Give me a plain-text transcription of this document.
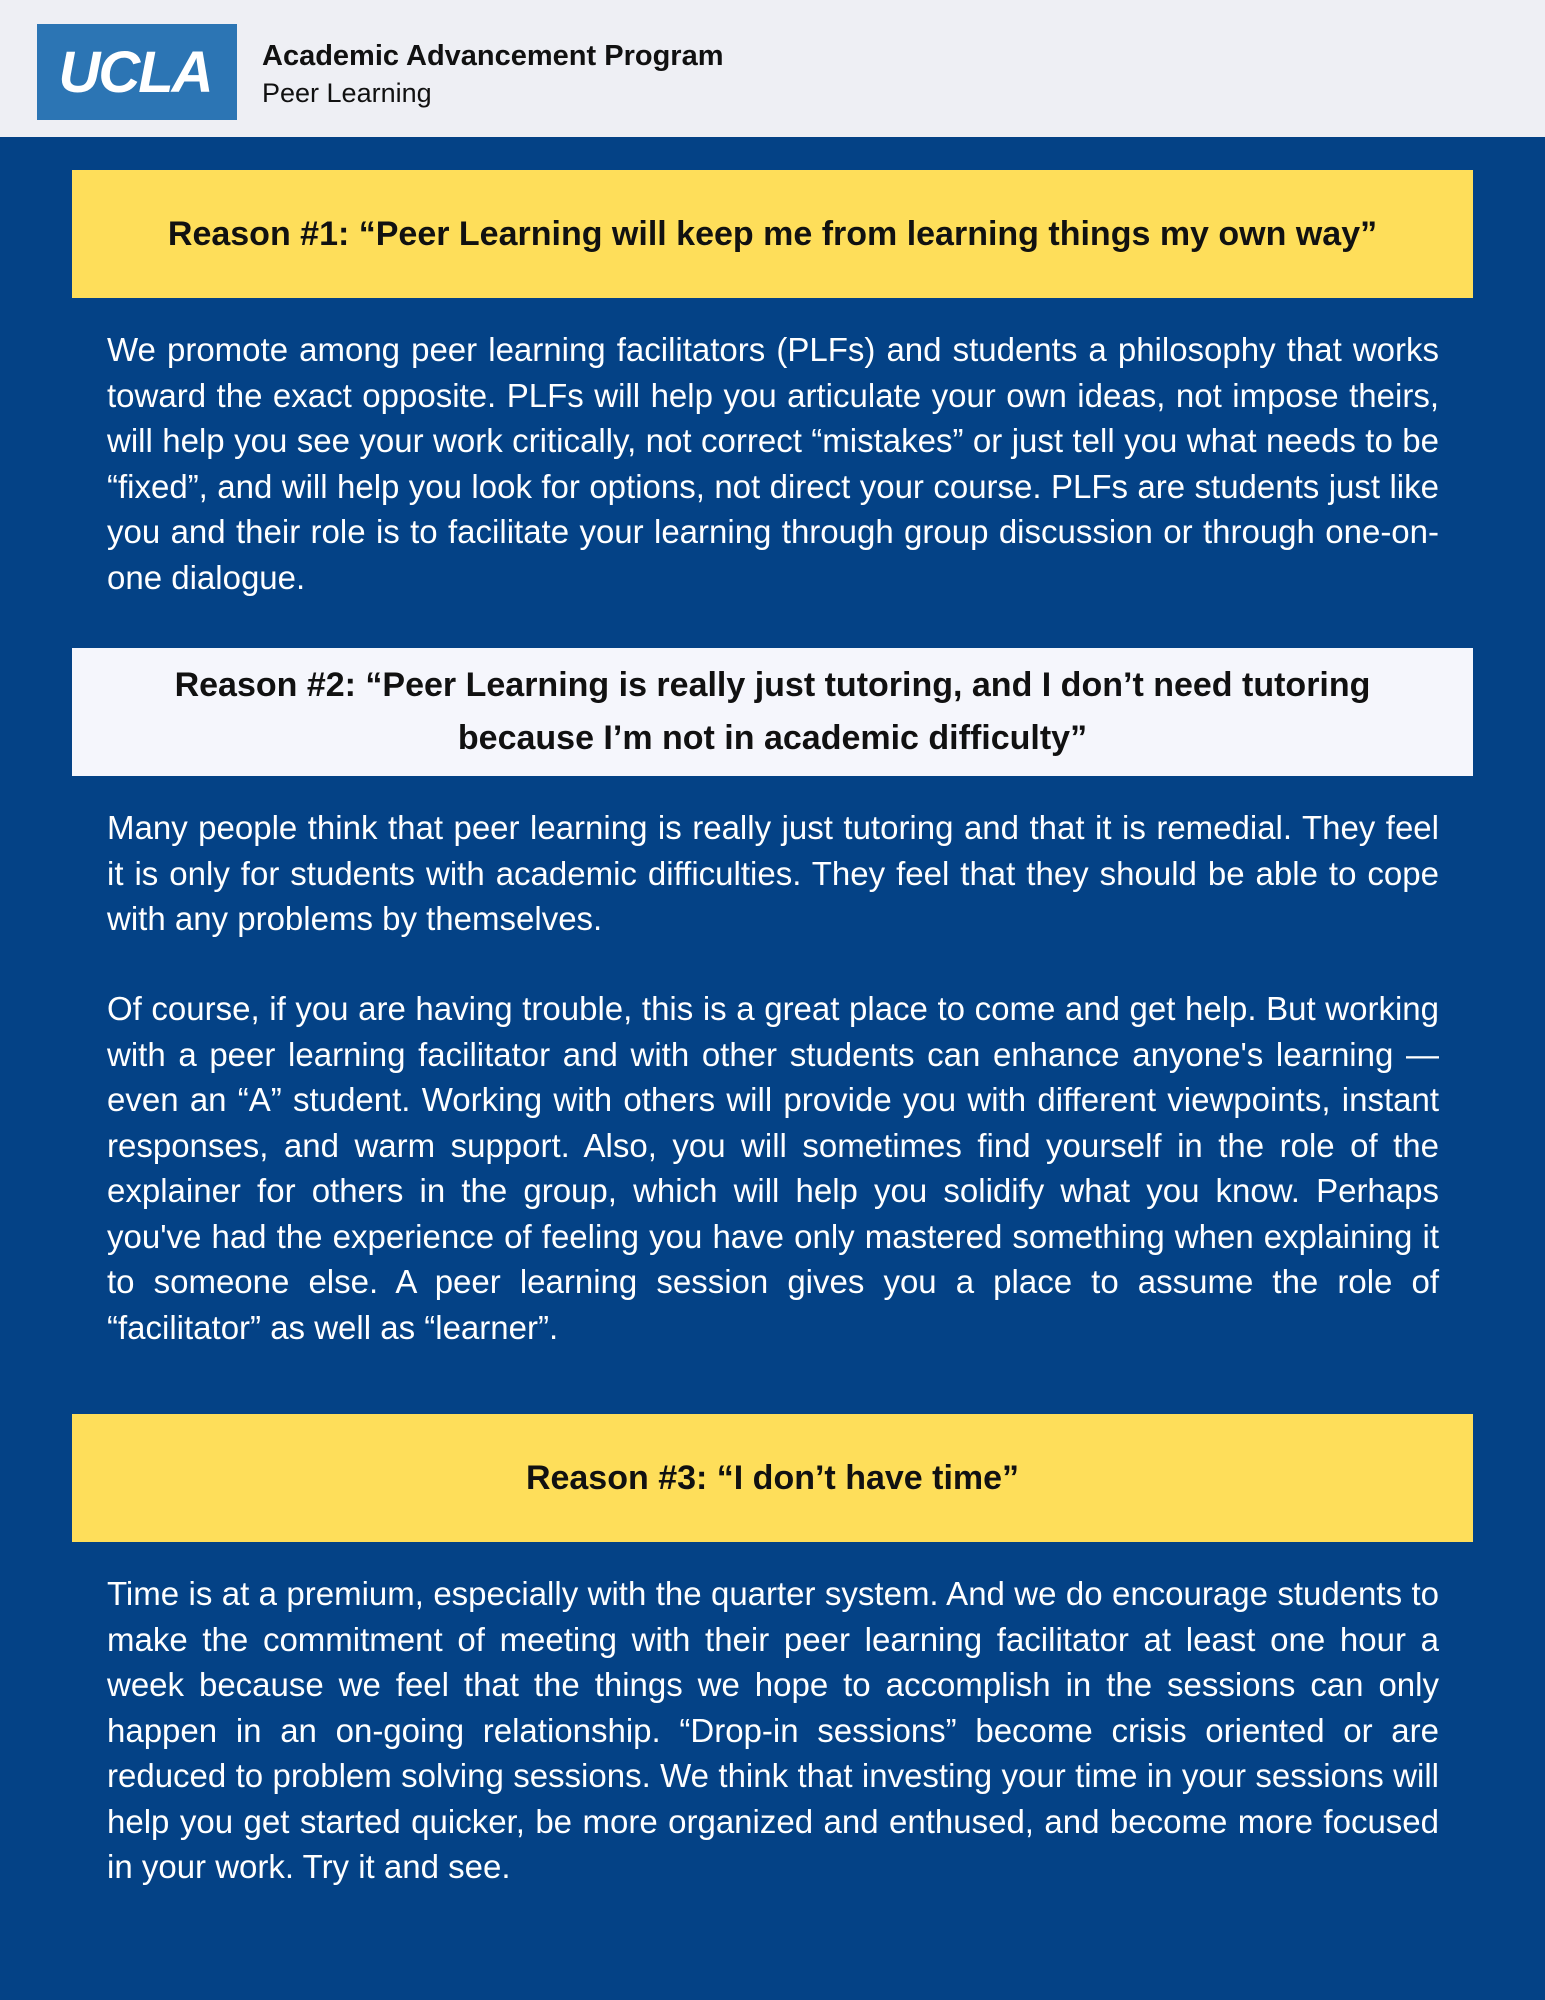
UCLA	Academic Advancement Program
Peer Learning
Reason #1: “Peer Learning will keep me from learning things my own way”

We promote among peer learning facilitators (PLFs) and students a philosophy that works toward the exact opposite. PLFs will help you articulate your own ideas, not impose theirs, will help you see your work critically, not correct “mistakes” or just tell you what needs to be “fixed”, and will help you look for options, not direct your course. PLFs are students just like you and their role is to facilitate your learning through group discussion or through one-on-one dialogue.

Reason #2: “Peer Learning is really just tutoring, and I don’t need tutoring because I’m not in academic difficulty”

Many people think that peer learning is really just tutoring and that it is remedial. They feel it is only for students with academic difficulties. They feel that they should be able to cope with any problems by themselves.

Of course, if you are having trouble, this is a great place to come and get help. But working with a peer learning facilitator and with other students can enhance anyone's learning — even an “A” student. Working with others will provide you with different viewpoints, instant responses, and warm support. Also, you will sometimes find yourself in the role of the explainer for others in the group, which will help you solidify what you know. Perhaps you've had the experience of feeling you have only mastered something when explaining it to someone else. A peer learning session gives you a place to assume the role of “facilitator” as well as “learner”.

Reason #3: “I don’t have time”

Time is at a premium, especially with the quarter system. And we do encourage students to make the commitment of meeting with their peer learning facilitator at least one hour a week because we feel that the things we hope to accomplish in the sessions can only happen in an on-going relationship. “Drop-in sessions” become crisis oriented or are reduced to problem solving sessions. We think that investing your time in your sessions will help you get started quicker, be more organized and enthused, and become more focused in your work. Try it and see.
